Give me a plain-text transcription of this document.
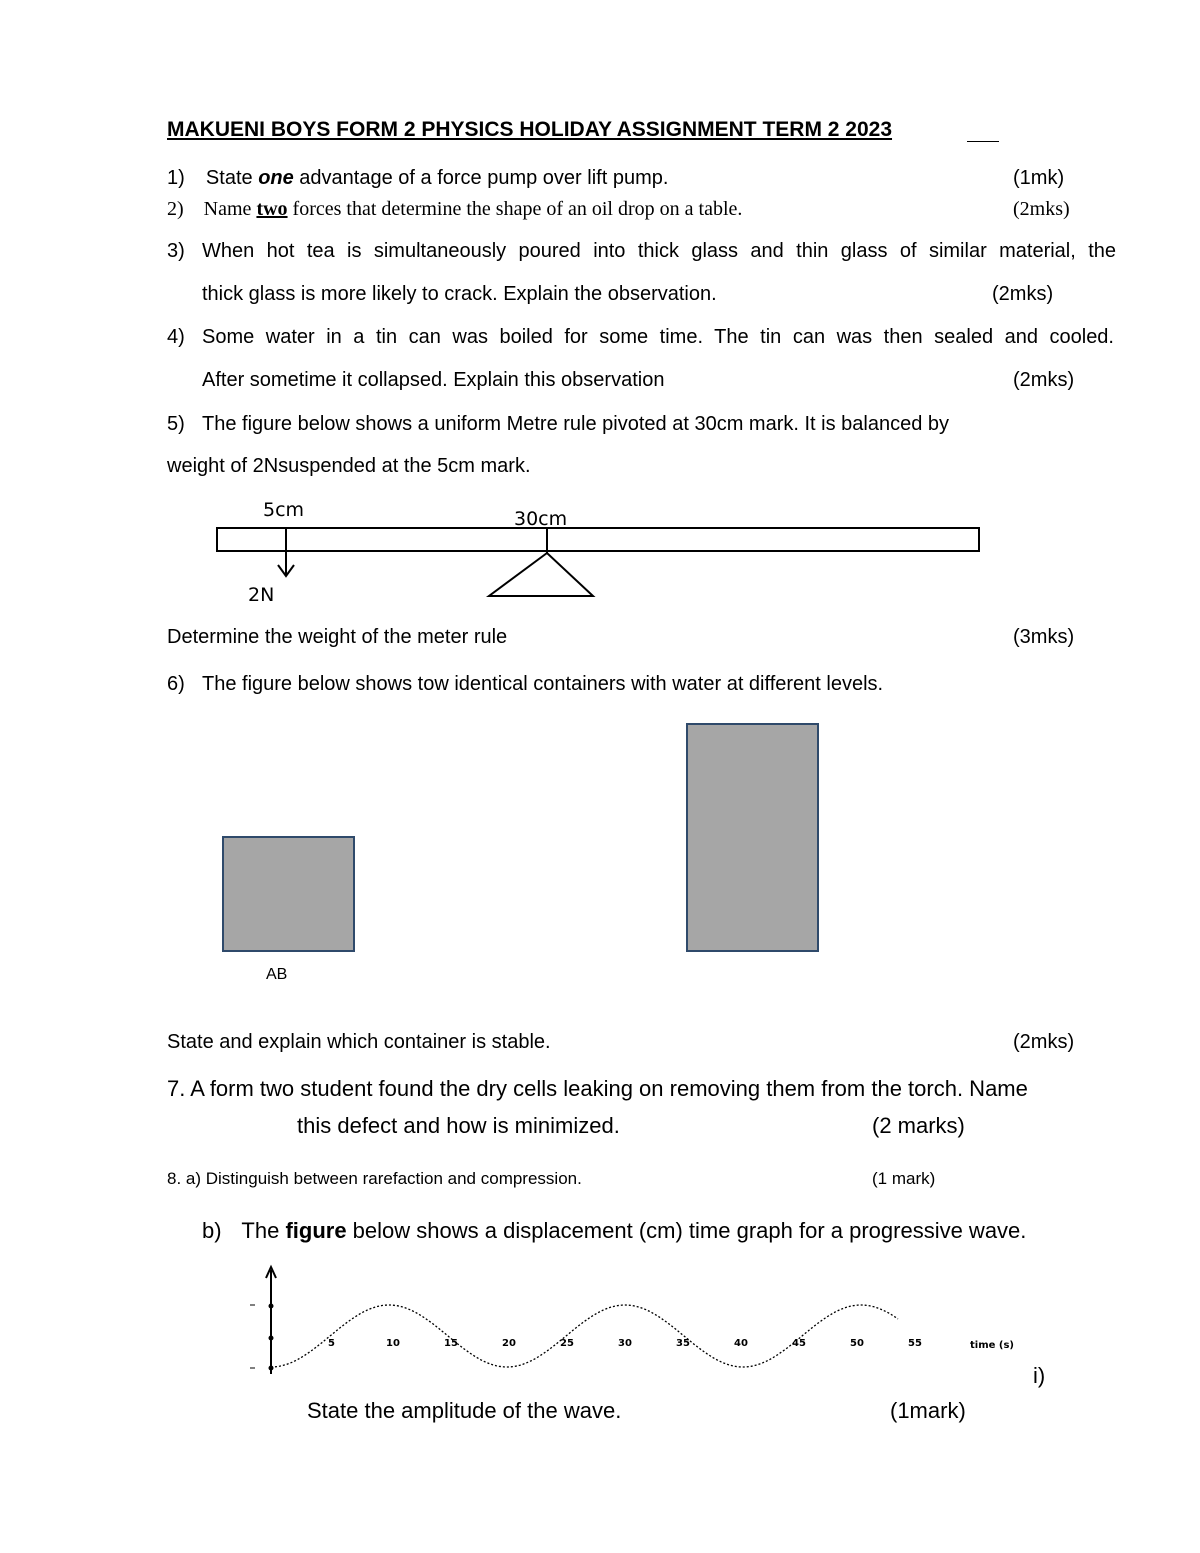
MAKUENI BOYS FORM 2 PHYSICS HOLIDAY ASSIGNMENT TERM 2 2023
1) State one advantage of a force pump over lift pump.	(1mk)
2) Name two forces that determine the shape of an oil drop on a table.	(2mks)
3) When hot tea is simultaneously poured into thick glass and thin glass of similar material, the
thick glass is more likely to crack. Explain the observation.	(2mks)
4) Some water in a tin can was boiled for some time. The tin can was then sealed and cooled.
After sometime it collapsed. Explain this observation	(2mks)
5) The figure below shows a uniform Metre rule pivoted at 30cm mark. It is balanced by
weight of 2Nsuspended at the 5cm mark.
5cm	30cm
2N
Determine the weight of the meter rule	(3mks)
6) The figure below shows tow identical containers with water at different levels.
AB
State and explain which container is stable.	(2mks)
7. A form two student found the dry cells leaking on removing them from the torch. Name
this defect and how is minimized.	(2 marks)
8. a) Distinguish between rarefaction and compression.	(1 mark)
b) The figure below shows a displacement (cm) time graph for a progressive wave.
5	10	15	20	25	30	35	40	45	50	55	time (s)
i)
State the amplitude of the wave.	(1mark)
